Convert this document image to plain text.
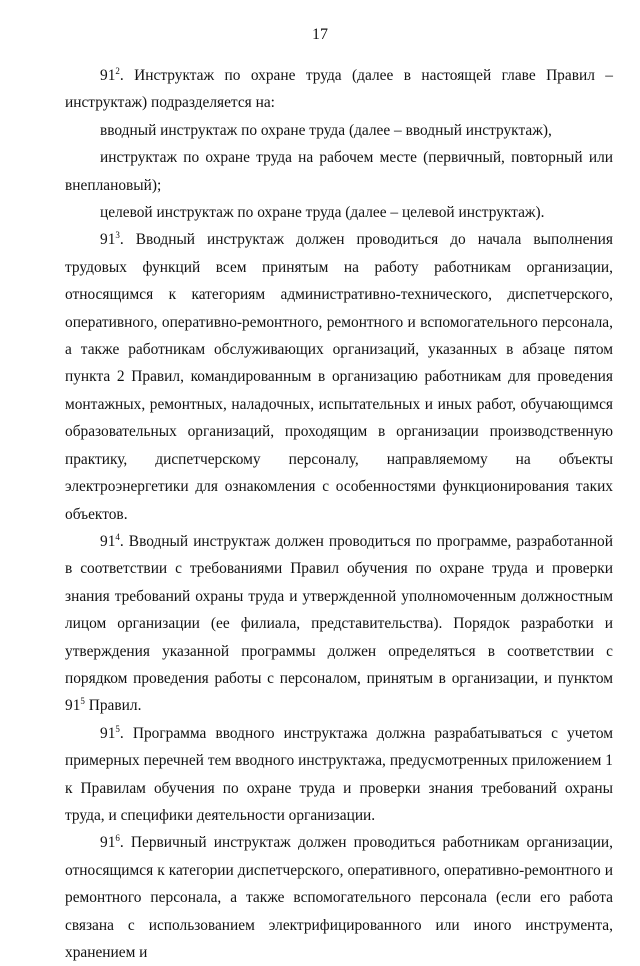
17

$91^2$. Инструктаж по охране труда (далее в настоящей главе Правил – инструктаж) подразделяется на:

вводный инструктаж по охране труда (далее – вводный инструктаж),

инструктаж по охране труда на рабочем месте (первичный, повторный или внеплановый);

целевой инструктаж по охране труда (далее – целевой инструктаж).

$91^3$. Вводный инструктаж должен проводиться до начала выполнения трудовых функций всем принятым на работу работникам организации, относящимся к категориям административно-технического, диспетчерского, оперативного, оперативно-ремонтного, ремонтного и вспомогательного персонала, а также работникам обслуживающих организаций, указанных в абзаце пятом пункта 2 Правил, командированным в организацию работникам для проведения монтажных, ремонтных, наладочных, испытательных и иных работ, обучающимся образовательных организаций, проходящим в организации производственную практику, диспетчерскому персоналу, направляемому на объекты электроэнергетики для ознакомления с особенностями функционирования таких объектов.

$91^4$. Вводный инструктаж должен проводиться по программе, разработанной в соответствии с требованиями Правил обучения по охране труда и проверки знания требований охраны труда и утвержденной уполномоченным должностным лицом организации (ее филиала, представительства). Порядок разработки и утверждения указанной программы должен определяться в соответствии с порядком проведения работы с персоналом, принятым в организации, и пунктом $91^5$ Правил.

$91^5$. Программа вводного инструктажа должна разрабатываться с учетом примерных перечней тем вводного инструктажа, предусмотренных приложением 1 к Правилам обучения по охране труда и проверки знания требований охраны труда, и специфики деятельности организации.

$91^6$. Первичный инструктаж должен проводиться работникам организации, относящимся к категории диспетчерского, оперативного, оперативно-ремонтного и ремонтного персонала, а также вспомогательного персонала (если его работа связана с использованием электрифицированного или иного инструмента, хранением и
